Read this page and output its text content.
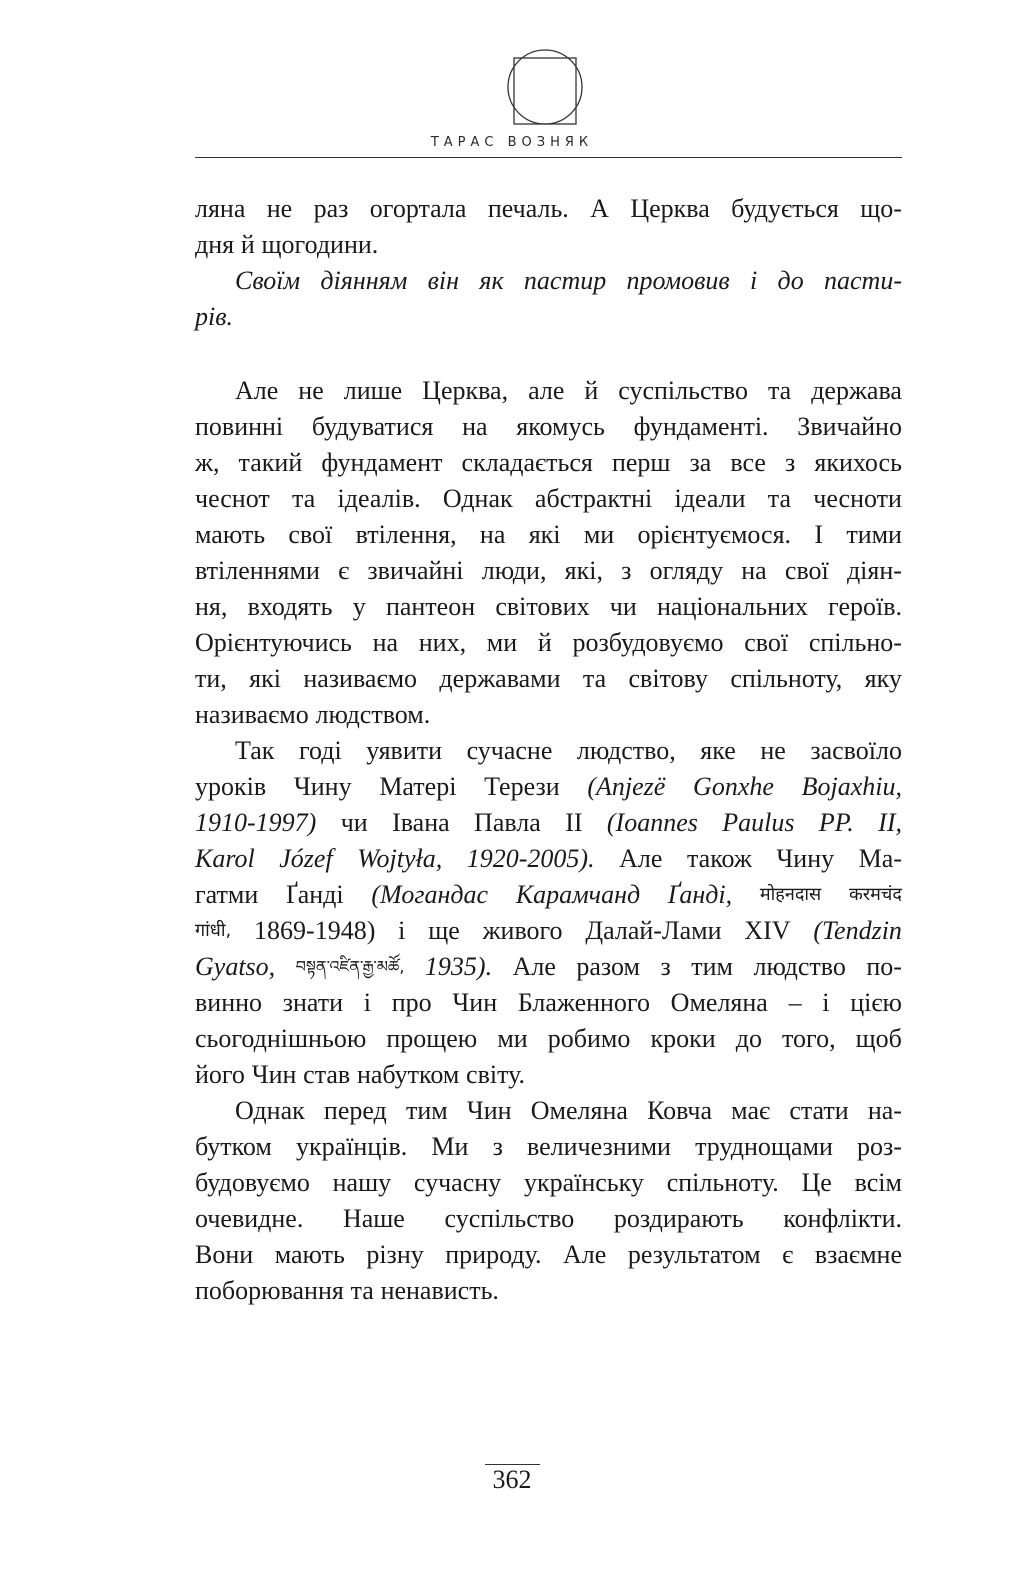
ТАРАС ВОЗНЯК
ляна не раз огортала печаль. А Церква будується що-
дня й щогодини.
Своїм діянням він як пастир промовив і до пасти-
рів.
Але не лише Церква, але й суспільство та держава
повинні будуватися на якомусь фундаменті. Звичайно
ж, такий фундамент складається перш за все з якихось
чеснот та ідеалів. Однак абстрактні ідеали та чесноти
мають свої втілення, на які ми орієнтуємося. І тими
втіленнями є звичайні люди, які, з огляду на свої діян-
ня, входять у пантеон світових чи національних героїв.
Орієнтуючись на них, ми й розбудовуємо свої спільно-
ти, які називаємо державами та світову спільноту, яку
називаємо людством.
Так годі уявити сучасне людство, яке не засвоїло
уроків Чину Матері Терези (Anjezë Gonxhe Bojaxhiu,
1910-1997) чи Івана Павла ІІ (Ioannes Paulus PP. II,
Karol Józef Wojtyła, 1920-2005). Але також Чину Ма-
гатми Ґанді (Могандас Карамчанд Ґанді, मोहनदास करमचंद
गांधी, 1869-1948) і ще живого Далай-Лами XIV (Tendzin
Gyatso, བསྟན་འཛིན་རྒྱ་མཚོ, 1935). Але разом з тим людство по-
винно знати і про Чин Блаженного Омеляна – і цією
сьогоднішньою прощею ми робимо кроки до того, щоб
його Чин став набутком світу.
Однак перед тим Чин Омеляна Ковча має стати на-
бутком українців. Ми з величезними труднощами роз-
будовуємо нашу сучасну українську спільноту. Це всім
очевидне. Наше суспільство роздирають конфлікти.
Вони мають різну природу. Але результатом є взаємне
поборювання та ненависть.
362
